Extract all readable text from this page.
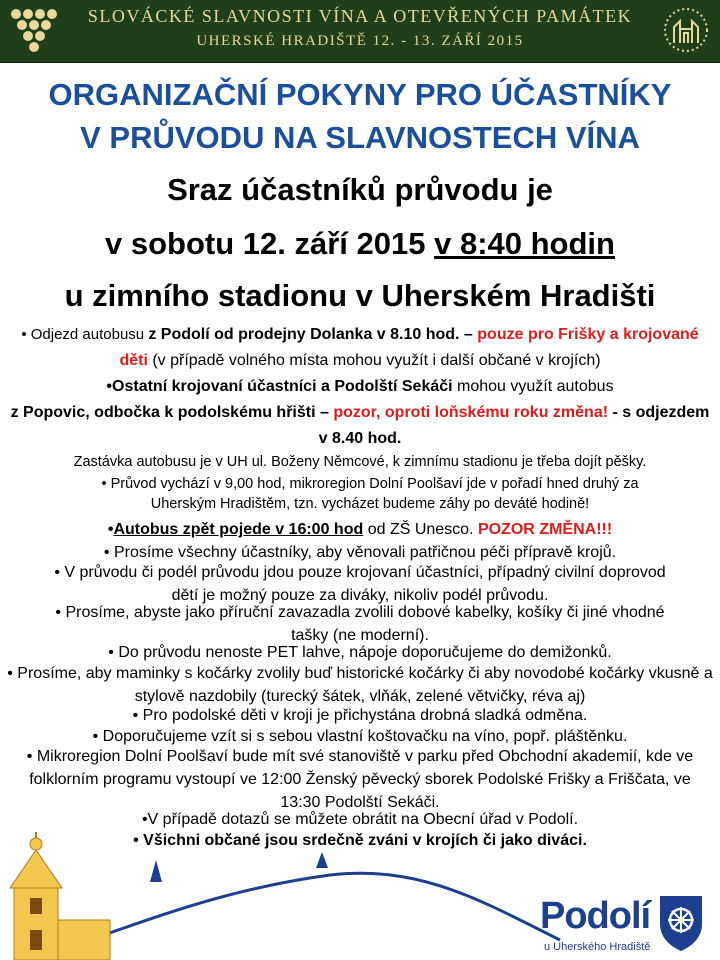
SLOVÁCKÉ SLAVNOSTI VÍNA A OTEVŘENÝCH PAMÁTEK
UHERSKÉ HRADIŠTĚ 12. - 13. ZÁŘÍ 2015
ORGANIZAČNÍ POKYNY PRO ÚČASTNÍKY
V PRŮVODU NA SLAVNOSTECH VÍNA
Sraz účastníků průvodu je
v sobotu 12. září 2015 v 8:40 hodin
u zimního stadionu v Uherském Hradišti
• Odjezd autobusu z Podolí od prodejny Dolanka v 8.10 hod. – pouze pro Frišky a krojované děti (v případě volného místa mohou využít i další občané v krojích)
•Ostatní krojovaní účastníci a Podolští Sekáči mohou využít autobus
z Popovic, odbočka k podolskému hřišti – pozor, oproti loňskému roku změna! - s odjezdem v 8.40 hod.
Zastávka autobusu je v UH ul. Boženy Němcové, k zimnímu stadionu je třeba dojít pěšky.
• Průvod vychází v 9,00 hod, mikroregion Dolní Poolšaví jde v pořadí hned druhý za Uherským Hradištěm, tzn. vycházet budeme záhy po deváté hodině!
•Autobus zpět pojede v 16:00 hod od ZŠ Unesco. POZOR ZMĚNA!!!
• Prosíme všechny účastníky, aby věnovali patřičnou péči přípravě krojů.
• V průvodu či podél průvodu jdou pouze krojovaní účastníci, případný civilní doprovod dětí je možný pouze za diváky, nikoliv podél průvodu.
• Prosíme, abyste jako příruční zavazadla zvolili dobové kabelky, košíky či jiné vhodné tašky (ne moderní).
• Do průvodu nenoste PET lahve, nápoje doporučujeme do demižonků.
• Prosíme, aby maminky s kočárky zvolily buď historické kočárky či aby novodobé kočárky vkusně a stylově nazdobily (turecký šátek, vlňák, zelené větvičky, réva aj)
• Pro podolské děti v kroji je přichystána drobná sladká odměna.
• Doporučujeme vzít si s sebou vlastní koštovačku na víno, popř. pláštěnku.
• Mikroregion Dolní Poolšaví bude mít své stanoviště v parku před Obchodní akademií, kde ve folklorním programu vystoupí ve 12:00 Ženský pěvecký sborek Podolské Frišky a Friščata, ve 13:30 Podolští Sekáči.
•V případě dotazů se můžete obrátit na Obecní úřad v Podolí.
• Všichni občané jsou srdečně zváni v krojích či jako diváci.
Podolí
u Uherského Hradiště
